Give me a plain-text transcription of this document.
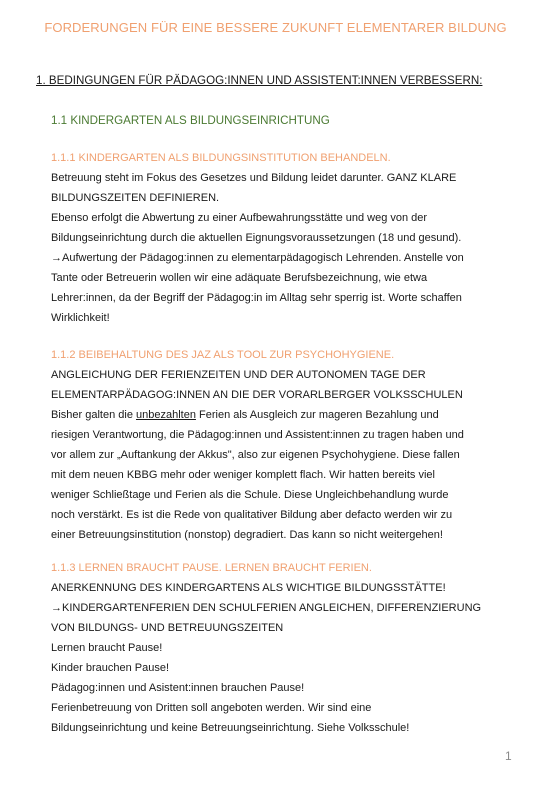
FORDERUNGEN FÜR EINE BESSERE ZUKUNFT ELEMENTARER BILDUNG
1. BEDINGUNGEN FÜR PÄDAGOG:INNEN UND ASSISTENT:INNEN VERBESSERN:
1.1 KINDERGARTEN ALS BILDUNGSEINRICHTUNG
1.1.1 KINDERGARTEN ALS BILDUNGSINSTITUTION BEHANDELN.
Betreuung steht im Fokus des Gesetzes und Bildung leidet darunter. GANZ KLARE
BILDUNGSZEITEN DEFINIEREN.
Ebenso erfolgt die Abwertung zu einer Aufbewahrungsstätte und weg von der
Bildungseinrichtung durch die aktuellen Eignungsvoraussetzungen (18 und gesund).
→Aufwertung der Pädagog:innen zu elementarpädagogisch Lehrenden. Anstelle von
Tante oder Betreuerin wollen wir eine adäquate Berufsbezeichnung, wie etwa
Lehrer:innen, da der Begriff der Pädagog:in im Alltag sehr sperrig ist. Worte schaffen
Wirklichkeit!
1.1.2 BEIBEHALTUNG DES JAZ ALS TOOL ZUR PSYCHOHYGIENE.
ANGLEICHUNG DER FERIENZEITEN UND DER AUTONOMEN TAGE DER
ELEMENTARPÄDAGOG:INNEN AN DIE DER VORARLBERGER VOLKSSCHULEN
Bisher galten die unbezahlten Ferien als Ausgleich zur mageren Bezahlung und
riesigen Verantwortung, die Pädagog:innen und Assistent:innen zu tragen haben und
vor allem zur „Auftankung der Akkus", also zur eigenen Psychohygiene. Diese fallen
mit dem neuen KBBG mehr oder weniger komplett flach. Wir hatten bereits viel
weniger Schließtage und Ferien als die Schule. Diese Ungleichbehandlung wurde
noch verstärkt. Es ist die Rede von qualitativer Bildung aber defacto werden wir zu
einer Betreuungsinstitution (nonstop) degradiert. Das kann so nicht weitergehen!
1.1.3 LERNEN BRAUCHT PAUSE. LERNEN BRAUCHT FERIEN.
ANERKENNUNG DES KINDERGARTENS ALS WICHTIGE BILDUNGSSTÄTTE!
→KINDERGARTENFERIEN DEN SCHULFERIEN ANGLEICHEN, DIFFERENZIERUNG
VON BILDUNGS- UND BETREUUNGSZEITEN
Lernen braucht Pause!
Kinder brauchen Pause!
Pädagog:innen und Asistent:innen brauchen Pause!
Ferienbetreuung von Dritten soll angeboten werden. Wir sind eine
Bildungseinrichtung und keine Betreuungseinrichtung. Siehe Volksschule!
1
